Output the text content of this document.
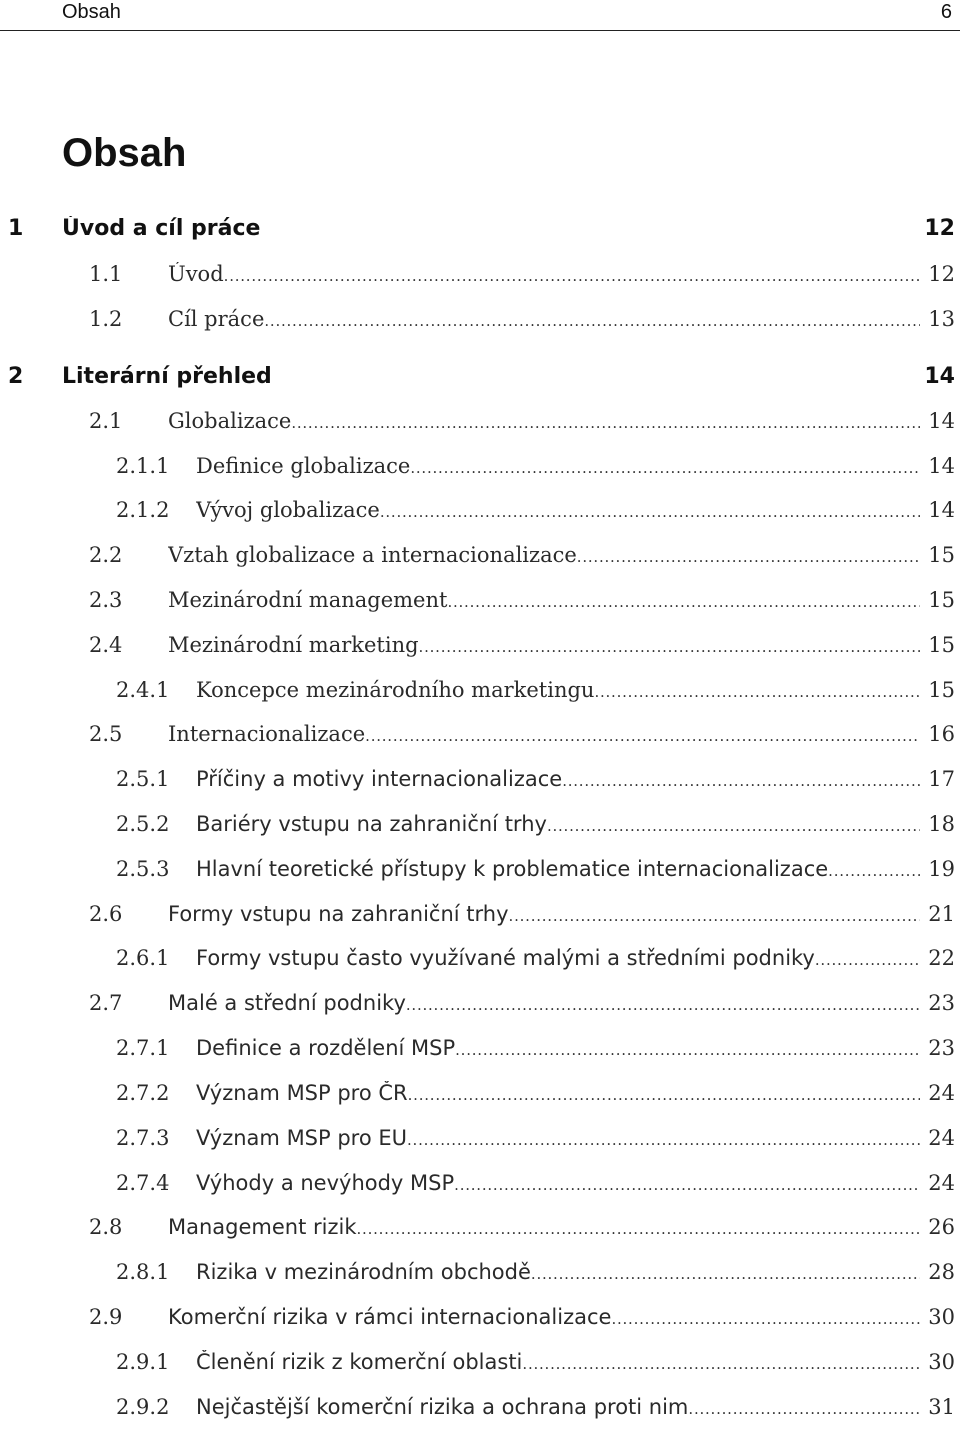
Obsah	6
Obsah
1 Úvod a cíl práce	12
1.1 Úvod . . .	12
1.2 Cíl práce . . .	13
2 Literární přehled	14
2.1 Globalizace . . .	14
2.1.1 Definice globalizace . . .	14
2.1.2 Vývoj globalizace . . .	14
2.2 Vztah globalizace a internacionalizace . . .	15
2.3 Mezinárodní management . . .	15
2.4 Mezinárodní marketing . . .	15
2.4.1 Koncepce mezinárodního marketingu . . .	15
2.5 Internacionalizace . . .	16
2.5.1 Příčiny a motivy internacionalizace . . .	17
2.5.2 Bariéry vstupu na zahraniční trhy . . .	18
2.5.3 Hlavní teoretické přístupy k problematice internacionalizace . . .	19
2.6 Formy vstupu na zahraniční trhy . . .	21
2.6.1 Formy vstupu často využívané malými a středními podniky . . .	22
2.7 Malé a střední podniky . . .	23
2.7.1 Definice a rozdělení MSP . . .	23
2.7.2 Význam MSP pro ČR . . .	24
2.7.3 Význam MSP pro EU . . .	24
2.7.4 Výhody a nevýhody MSP . . .	24
2.8 Management rizik . . .	26
2.8.1 Rizika v mezinárodním obchodě . . .	28
2.9 Komerční rizika v rámci internacionalizace . . .	30
2.9.1 Členění rizik z komerční oblasti . . .	30
2.9.2 Nejčastější komerční rizika a ochrana proti nim . . .	31
